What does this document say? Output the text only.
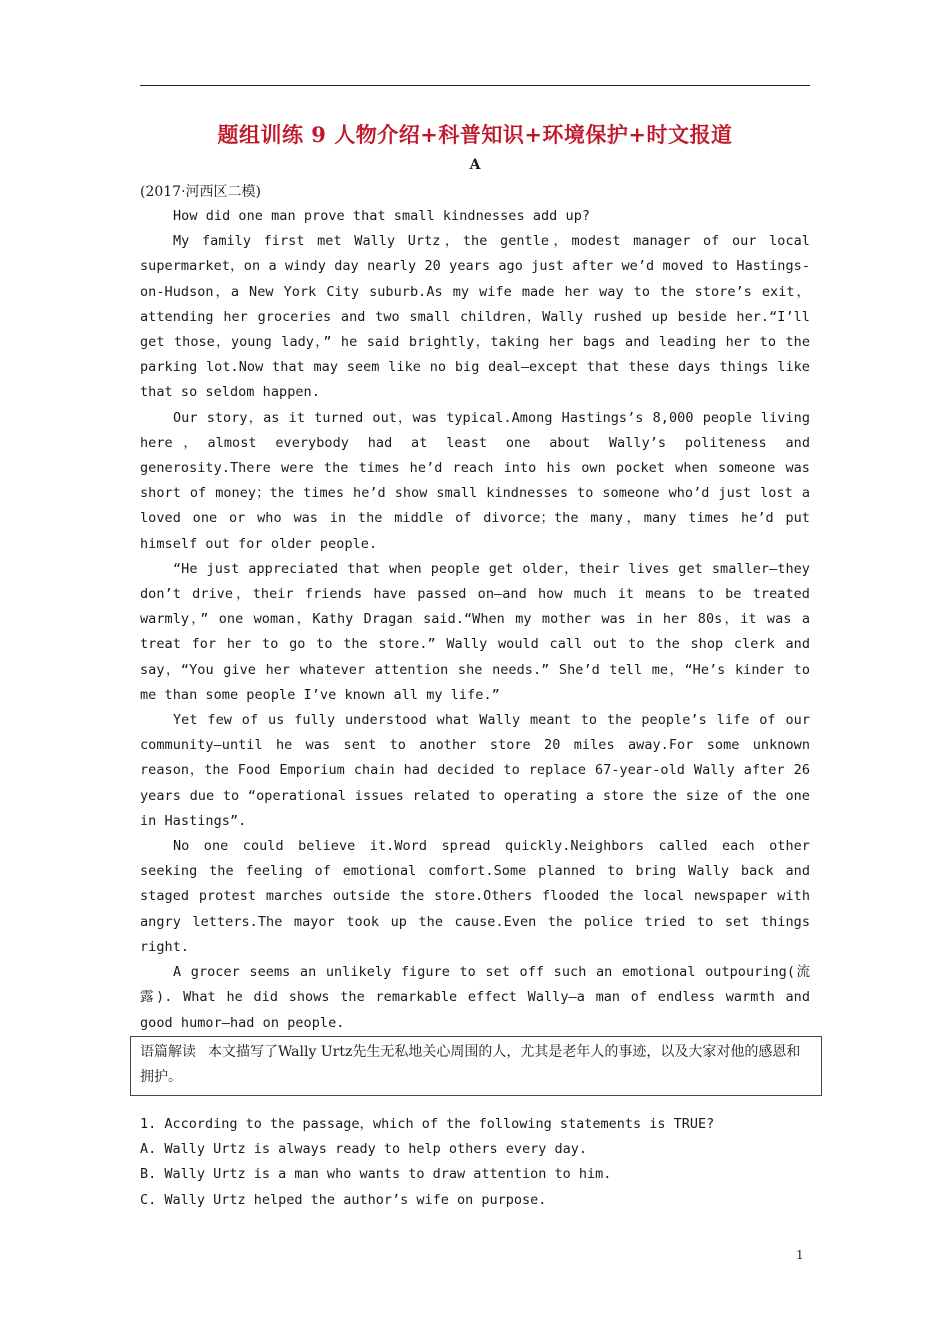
题组训练 9 人物介绍+科普知识+环境保护+时文报道
A
(2017·河西区二模)

How did one man prove that small kindnesses add up?

My family first met Wally Urtz，the gentle，modest manager of our local supermarket，on a windy day nearly 20 years ago just after we’d moved to Hastings-on-Hudson，a New York City suburb.As my wife made her way to the store’s exit，attending her groceries and two small children，Wally rushed up beside her.“I’ll get those，young lady，” he said brightly，taking her bags and leading her to the parking lot.Now that may seem like no big deal—except that these days things like that so seldom happen.

Our story，as it turned out，was typical.Among Hastings’s 8,000 people living here，almost everybody had at least one about Wally’s politeness and generosity.There were the times he’d reach into his own pocket when someone was short of money；the times he’d show small kindnesses to someone who’d just lost a loved one or who was in the middle of divorce；the many，many times he’d put himself out for older people.

“He just appreciated that when people get older，their lives get smaller—they don’t drive，their friends have passed on—and how much it means to be treated warmly，” one woman，Kathy Dragan said.“When my mother was in her 80s，it was a treat for her to go to the store.” Wally would call out to the shop clerk and say，“You give her whatever attention she needs.” She’d tell me，“He’s kinder to me than some people I’ve known all my life.”

Yet few of us fully understood what Wally meant to the people’s life of our community—until he was sent to another store 20 miles away.For some unknown reason，the Food Emporium chain had decided to replace 67-year-old Wally after 26 years due to “operational issues related to operating a store the size of the one in Hastings”.

No one could believe it.Word spread quickly.Neighbors called each other seeking the feeling of emotional comfort.Some planned to bring Wally back and staged protest marches outside the store.Others flooded the local newspaper with angry letters.The mayor took up the cause.Even the police tried to set things right.

A grocer seems an unlikely figure to set off such an emotional outpouring(流露). What he did shows the remarkable effect Wally—a man of endless warmth and good humor—had on people.

语篇解读 本文描写了Wally Urtz先生无私地关心周围的人，尤其是老年人的事迹，以及大家对他的感恩和拥护。
1. According to the passage，which of the following statements is TRUE?
A. Wally Urtz is always ready to help others every day.
B. Wally Urtz is a man who wants to draw attention to him.
C. Wally Urtz helped the author’s wife on purpose.
1
